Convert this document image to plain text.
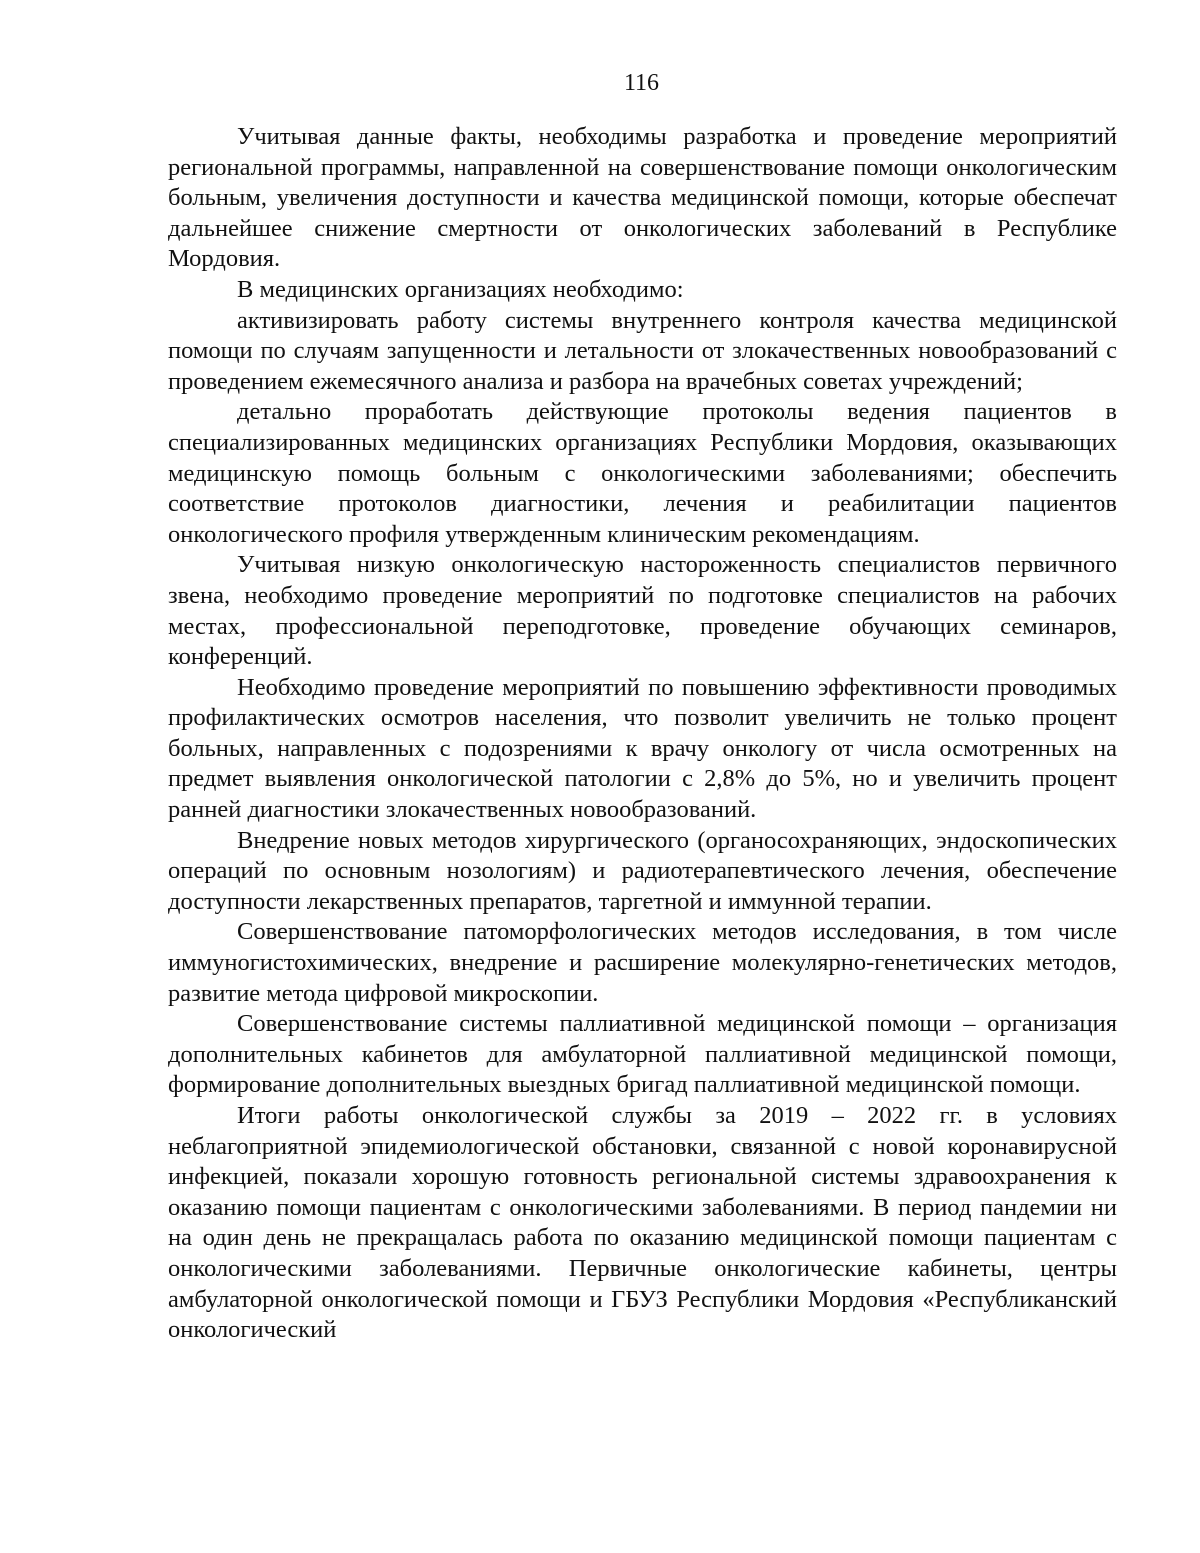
116

Учитывая данные факты, необходимы разработка и проведение мероприятий региональной программы, направленной на совершенствование помощи онкологическим больным, увеличения доступности и качества медицинской помощи, которые обеспечат дальнейшее снижение смертности от онкологических заболеваний в Республике Мордовия.

В медицинских организациях необходимо:

активизировать работу системы внутреннего контроля качества медицинской помощи по случаям запущенности и летальности от злокачественных новообразований с проведением ежемесячного анализа и разбора на врачебных советах учреждений;

детально проработать действующие протоколы ведения пациентов в специализированных медицинских организациях Республики Мордовия, оказывающих медицинскую помощь больным с онкологическими заболеваниями; обеспечить соответствие протоколов диагностики, лечения и реабилитации пациентов онкологического профиля утвержденным клиническим рекомендациям.

Учитывая низкую онкологическую настороженность специалистов первичного звена, необходимо проведение мероприятий по подготовке специалистов на рабочих местах, профессиональной переподготовке, проведение обучающих семинаров, конференций.

Необходимо проведение мероприятий по повышению эффективности проводимых профилактических осмотров населения, что позволит увеличить не только процент больных, направленных с подозрениями к врачу онкологу от числа осмотренных на предмет выявления онкологической патологии с 2,8% до 5%, но и увеличить процент ранней диагностики злокачественных новообразований.

Внедрение новых методов хирургического (органосохраняющих, эндоскопических операций по основным нозологиям) и радиотерапевтического лечения, обеспечение доступности лекарственных препаратов, таргетной и иммунной терапии.

Совершенствование патоморфологических методов исследования, в том числе иммуногистохимических, внедрение и расширение молекулярно-генетических методов, развитие метода цифровой микроскопии.

Совершенствование системы паллиативной медицинской помощи – организация дополнительных кабинетов для амбулаторной паллиативной медицинской помощи, формирование дополнительных выездных бригад паллиативной медицинской помощи.

Итоги работы онкологической службы за 2019 – 2022 гг. в условиях неблагоприятной эпидемиологической обстановки, связанной с новой коронавирусной инфекцией, показали хорошую готовность региональной системы здравоохранения к оказанию помощи пациентам с онкологическими заболеваниями. В период пандемии ни на один день не прекращалась работа по оказанию медицинской помощи пациентам с онкологическими заболеваниями. Первичные онкологические кабинеты, центры амбулаторной онкологической помощи и ГБУЗ Республики Мордовия «Республиканский онкологический
